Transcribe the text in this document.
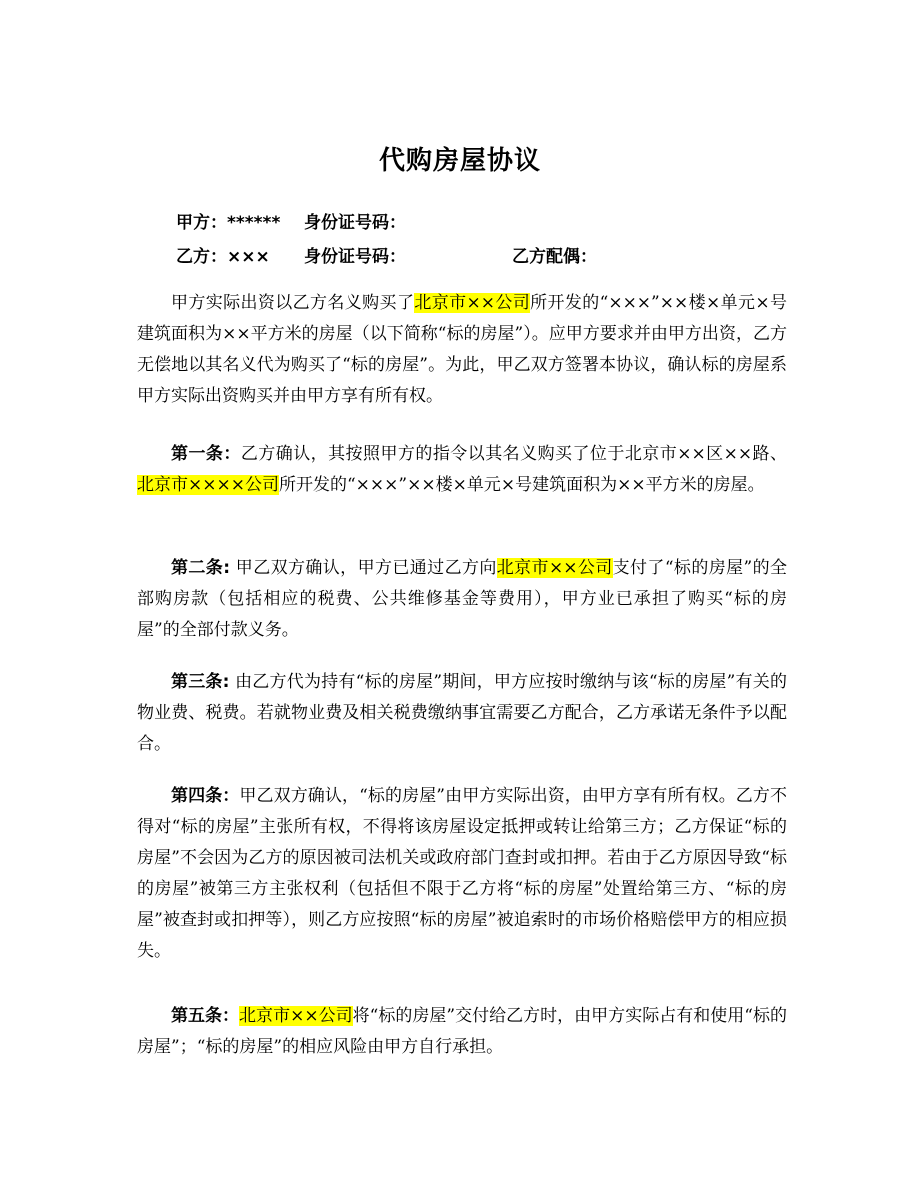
代购房屋协议
甲方：****** 身份证号码：
乙方：××× 身份证号码：	乙方配偶：

甲方实际出资以乙方名义购买了北京市××公司所开发的“×××”××楼×单元×号建筑面积为××平方米的房屋（以下简称“标的房屋”）。应甲方要求并由甲方出资，乙方无偿地以其名义代为购买了“标的房屋”。为此，甲乙双方签署本协议，确认标的房屋系甲方实际出资购买并由甲方享有所有权。

第一条：乙方确认，其按照甲方的指令以其名义购买了位于北京市××区××路、北京市××××公司所开发的“×××”××楼×单元×号建筑面积为××平方米的房屋。

第二条: 甲乙双方确认，甲方已通过乙方向北京市××公司支付了“标的房屋”的全部购房款（包括相应的税费、公共维修基金等费用），甲方业已承担了购买“标的房屋”的全部付款义务。

第三条: 由乙方代为持有“标的房屋”期间，甲方应按时缴纳与该“标的房屋”有关的物业费、税费。若就物业费及相关税费缴纳事宜需要乙方配合，乙方承诺无条件予以配合。

第四条：甲乙双方确认，“标的房屋”由甲方实际出资，由甲方享有所有权。乙方不得对“标的房屋”主张所有权，不得将该房屋设定抵押或转让给第三方；乙方保证“标的房屋”不会因为乙方的原因被司法机关或政府部门查封或扣押。若由于乙方原因导致“标的房屋”被第三方主张权利（包括但不限于乙方将“标的房屋”处置给第三方、“标的房屋”被查封或扣押等），则乙方应按照“标的房屋”被追索时的市场价格赔偿甲方的相应损失。

第五条：北京市××公司将“标的房屋”交付给乙方时，由甲方实际占有和使用“标的房屋”；“标的房屋”的相应风险由甲方自行承担。
